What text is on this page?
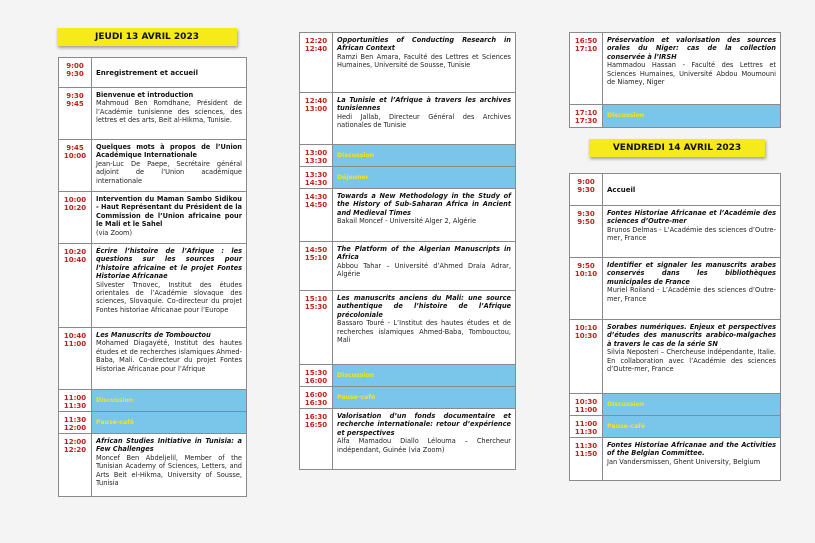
JEUDI 13 AVRIL 2023
9:00
9:30	Enregistrement et accueil
9:30
9:45
Bienvenue et introduction
Mahmoud Ben Romdhane, Président de l’Académie tunisienne des sciences, des lettres et des arts, Beit al-Hikma, Tunisie.
9:45
10:00
Quelques mots à propos de l’Union Académique Internationale
Jean-Luc De Paepe, Secrétaire général adjoint de l’Union académique internationale
10:00
10:20
Intervention du Maman Sambo Sidikou - Haut Représentant du Président de la Commission de l’Union africaine pour le Mali et le Sahel
(via Zoom)
10:20
10:40
Écrire l’histoire de l’Afrique : les questions sur les sources pour l’histoire africaine et le projet Fontes Historiae Africanae
Silvester Trnovec, Institut des études orientales de l’Académie slovaque des sciences, Slovaquie. Co-directeur du projet Fontes historiae Africanae pour l’Europe
10:40
11:00
Les Manuscrits de Tombouctou
Mohamed Diagayété, Institut des hautes études et de recherches islamiques Ahmed-Baba, Mali. Co-directeur du projet Fontes Historiae Africanae pour l’Afrique
11:00
11:30
Discussion
11:30
12:00
Pause-café
12:00
12:20
African Studies Initiative in Tunisia: a Few Challenges
Moncef Ben Abdeljelil, Member of the Tunisian Academy of Sciences, Letters, and Arts Beit el-Hikma, University of Sousse, Tunisia
12:20
12:40
Opportunities of Conducting Research in African Context
Ramzi Ben Amara, Faculté des Lettres et Sciences Humaines, Université de Sousse, Tunisie
12:40
13:00
La Tunisie et l’Afrique à travers les archives tunisiennes
Hedi Jallab, Directeur Général des Archives nationales de Tunisie
13:00
13:30
Discussion
13:30
14:30
Déjeuner
14:30
14:50
Towards a New Methodology in the Study of the History of Sub-Saharan Africa in Ancient and Medieval Times
Bakail Moncef - Université Alger 2, Algérie
14:50
15:10
The Platform of the Algerian Manuscripts in Africa
Abbou Tahar – Université d’Ahmed Draia Adrar, Algérie
15:10
15:30
Les manuscrits anciens du Mali: une source authentique de l’histoire de l’Afrique précoloniale
Bassaro Touré - L’Institut des hautes études et de recherches islamiques Ahmed-Baba, Tombouctou, Mali
15:30
16:00
Discussion
16:00
16:30
Pause-café
16:30
16:50
Valorisation d’un fonds documentaire et recherche internationale: retour d’expérience et perspectives
Alfa Mamadou Diallo Lélouma – Chercheur indépendant, Guinée (via Zoom)
16:50
17:10
Préservation et valorisation des sources orales du Niger: cas de la collection conservée à l’IRSH
Hammadou Hassan - Faculté des Lettres et Sciences Humaines, Université Abdou Moumouni de Niamey, Niger
17:10
17:30
Discussion
VENDREDI 14 AVRIL 2023
9:00
9:30	Accueil
9:30
9:50
Fontes Historiae Africanae et l’Académie des sciences d’Outre-mer
Brunos Delmas - L’Académie des sciences d’Outre-mer, France
9:50
10:10
Identifier et signaler les manuscrits arabes conservés dans les bibliothèques municipales de France
Muriel Roiland - L’Académie des sciences d’Outre-mer, France
10:10
10:30
Sorabes numériques. Enjeux et perspectives d’études des manuscrits arabico-malgaches à travers le cas de la série SN
Silvia Neposteri – Chercheuse indépendante, Italie. En collaboration avec l’Académie des sciences d’Outre-mer, France
10:30
11:00
Discussion
11:00
11:30
Pause-café
11:30
11:50
Fontes Historiae Africanae and the Activities of the Belgian Committee.
Jan Vandersmissen, Ghent University, Belgium
